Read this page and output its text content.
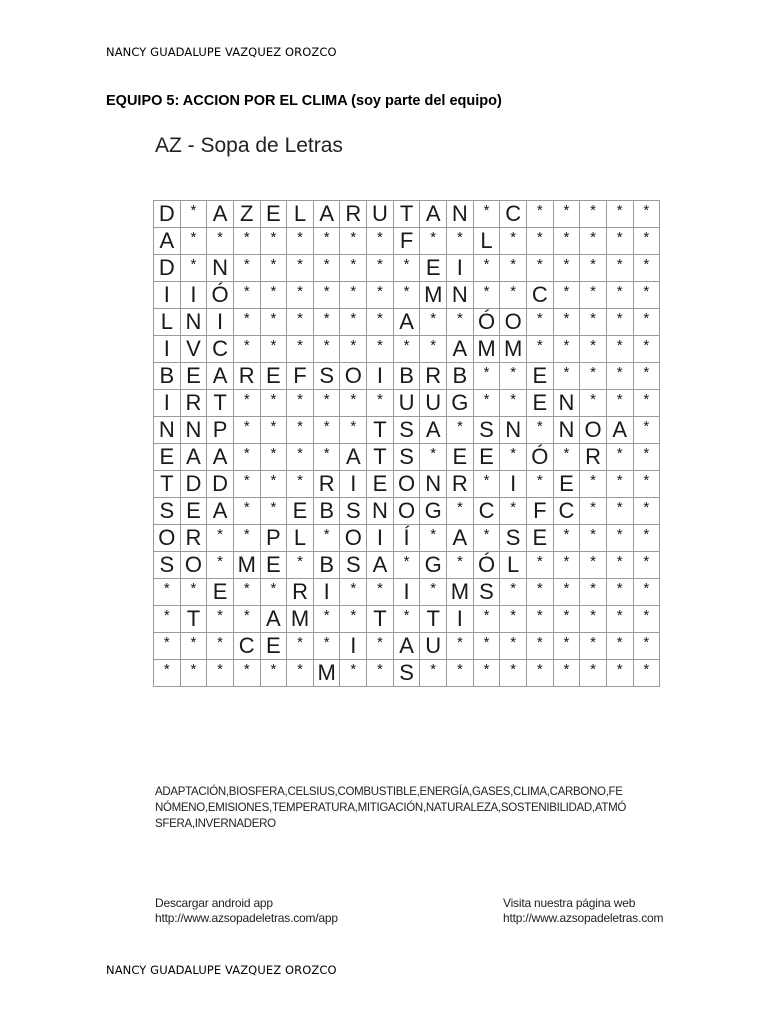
NANCY GUADALUPE VAZQUEZ OROZCO
EQUIPO 5: ACCION POR EL CLIMA (soy parte del equipo)
AZ - Sopa de Letras
D	*	A	Z	E	L	A	R	U	T	A	N	*	C	*	*	*	*	*
A	*	*	*	*	*	*	*	*	F	*	*	L	*	*	*	*	*	*
D	*	N	*	*	*	*	*	*	*	E	I	*	*	*	*	*	*	*
I	I	Ó	*	*	*	*	*	*	*	M	N	*	*	C	*	*	*	*
L	N	I	*	*	*	*	*	*	A	*	*	Ó	O	*	*	*	*	*
I	V	C	*	*	*	*	*	*	*	*	A	M	M	*	*	*	*	*
B	E	A	R	E	F	S	O	I	B	R	B	*	*	E	*	*	*	*
I	R	T	*	*	*	*	*	*	U	U	G	*	*	E	N	*	*	*
N	N	P	*	*	*	*	*	T	S	A	*	S	N	*	N	O	A	*
E	A	A	*	*	*	*	A	T	S	*	E	E	*	Ó	*	R	*	*
T	D	D	*	*	*	R	I	E	O	N	R	*	I	*	E	*	*	*
S	E	A	*	*	E	B	S	N	O	G	*	C	*	F	C	*	*	*
O	R	*	*	P	L	*	O	I	Í	*	A	*	S	E	*	*	*	*
S	O	*	M	E	*	B	S	A	*	G	*	Ó	L	*	*	*	*	*
*	*	E	*	*	R	I	*	*	I	*	M	S	*	*	*	*	*	*
*	T	*	*	A	M	*	*	T	*	T	I	*	*	*	*	*	*	*
*	*	*	C	E	*	*	I	*	A	U	*	*	*	*	*	*	*	*
*	*	*	*	*	*	M	*	*	S	*	*	*	*	*	*	*	*	*
ADAPTACIÓN,BIOSFERA,CELSIUS,COMBUSTIBLE,ENERGÍA,GASES,CLIMA,CARBONO,FE
NÓMENO,EMISIONES,TEMPERATURA,MITIGACIÓN,NATURALEZA,SOSTENIBILIDAD,ATMÓ
SFERA,INVERNADERO
Descargar android app
http://www.azsopadeletras.com/app
Visita nuestra página web
http://www.azsopadeletras.com
NANCY GUADALUPE VAZQUEZ OROZCO
